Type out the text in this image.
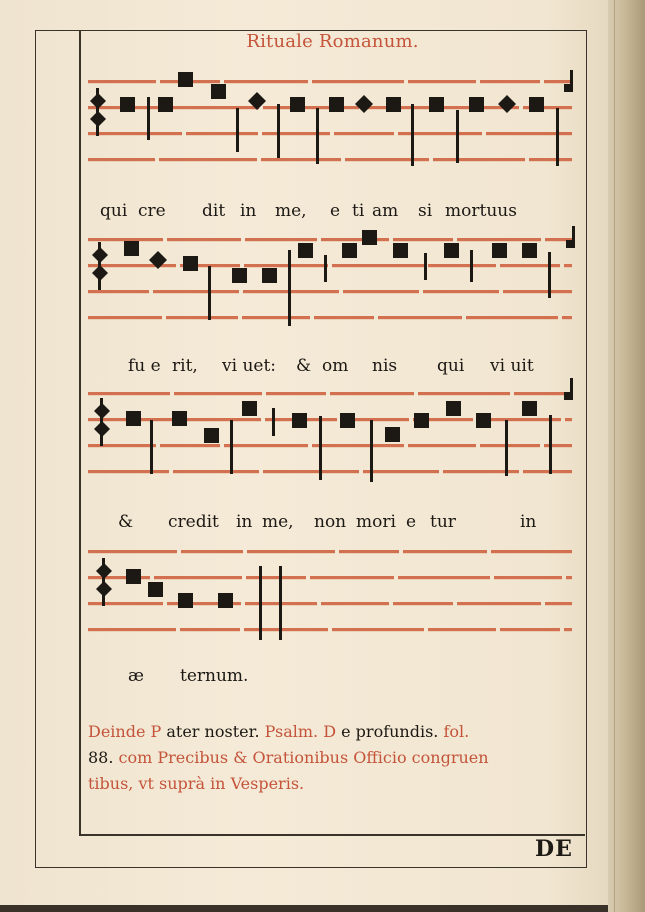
Rituale Romanum.
qui cre dit in me, e ti am si mortuus
fu e rit, vi uet: & om nis qui vi uit
& credit in me, non mori e tur	in
æ ternum.
Deinde P ater noster. Psalm. D e profundis. fol.
88. com Precibus & Orationibus Officio congruen
tibus, vt suprà in Vesperis.
DE
